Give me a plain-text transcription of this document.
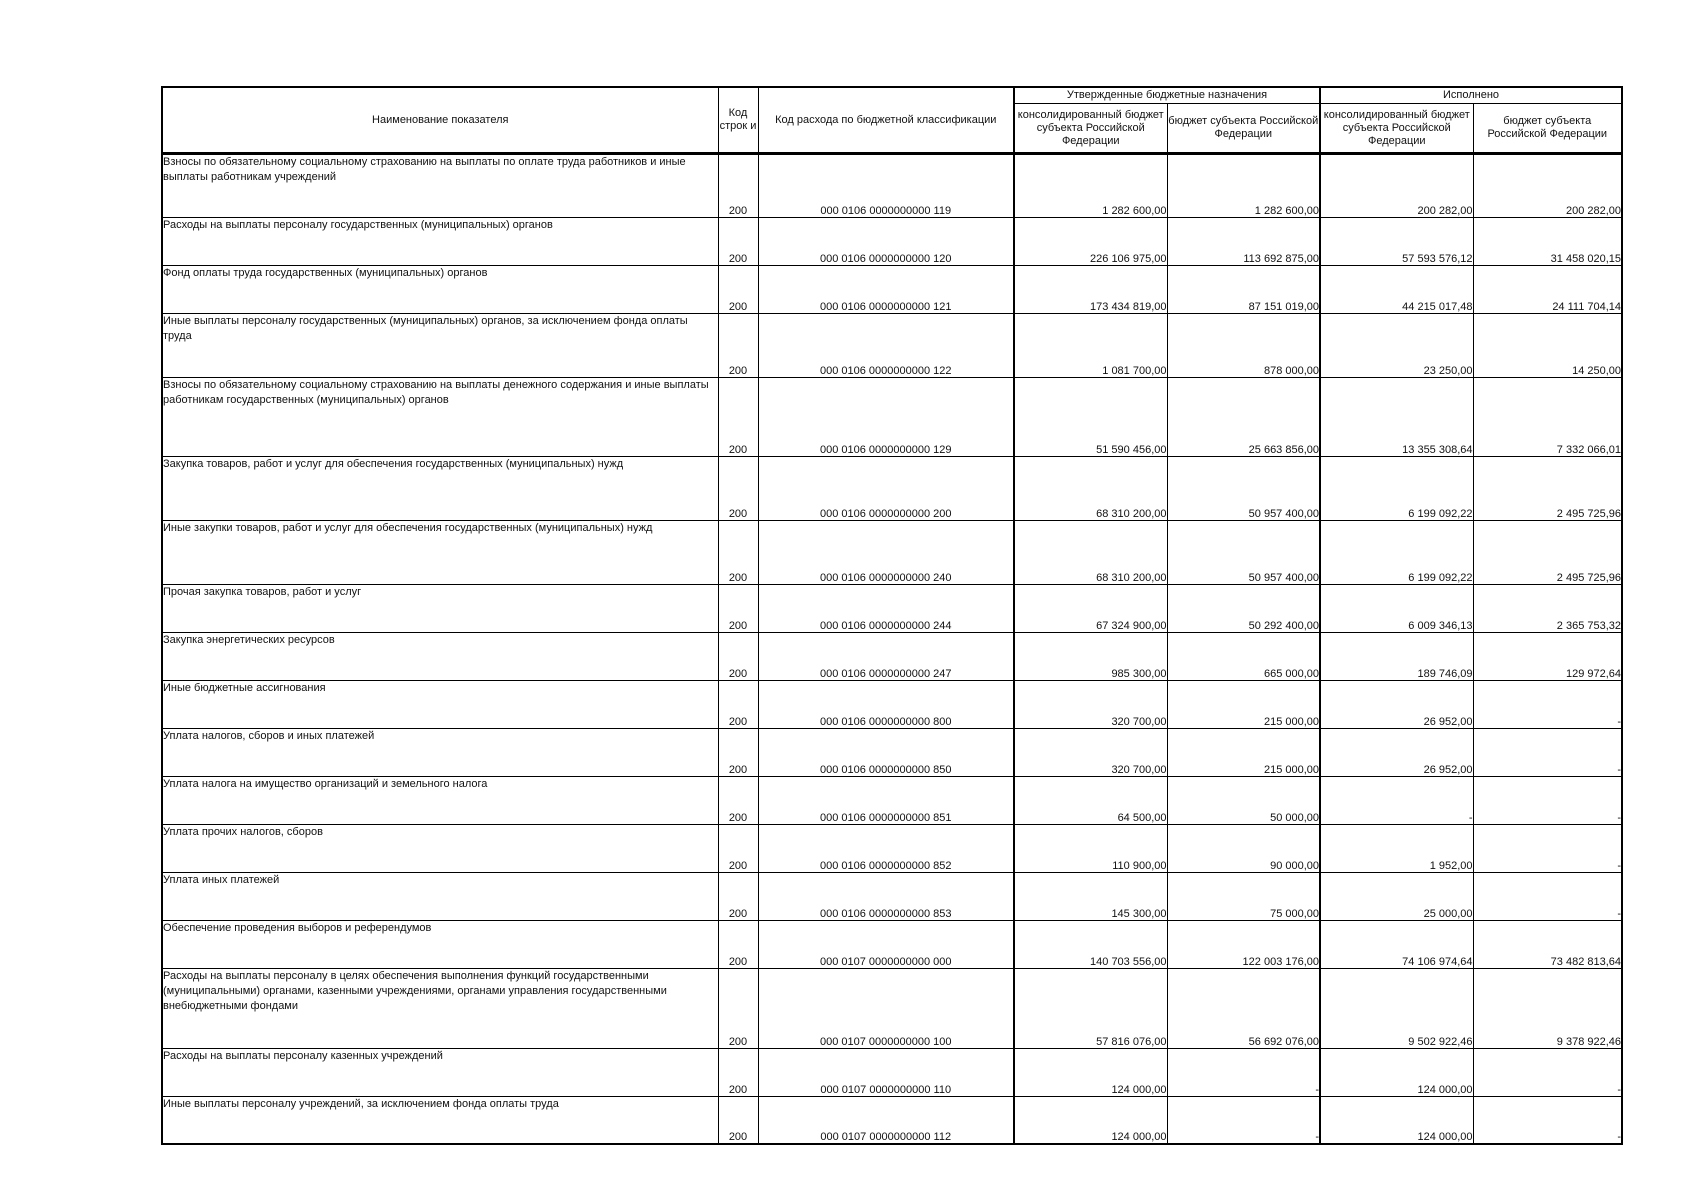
Наименование показателя	Код строк и	Код расхода по бюджетной классификации	Утвержденные бюджетные назначения		Исполнено	
			консолидированный бюджет субъекта Российской Федерации	бюджет субъекта Российской Федерации	консолидированный бюджет субъекта Российской Федерации	бюджет субъекта Российской Федерации
Взносы по обязательному социальному страхованию на выплаты по оплате труда работников и иные выплаты работникам учреждений	200	000 0106 0000000000 119	1 282 600,00	1 282 600,00	200 282,00	200 282,00
Расходы на выплаты персоналу государственных (муниципальных) органов	200	000 0106 0000000000 120	226 106 975,00	113 692 875,00	57 593 576,12	31 458 020,15
Фонд оплаты труда государственных (муниципальных) органов	200	000 0106 0000000000 121	173 434 819,00	87 151 019,00	44 215 017,48	24 111 704,14
Иные выплаты персоналу государственных (муниципальных) органов, за исключением фонда оплаты труда	200	000 0106 0000000000 122	1 081 700,00	878 000,00	23 250,00	14 250,00
Взносы по обязательному социальному страхованию на выплаты денежного содержания и иные выплаты работникам государственных (муниципальных) органов	200	000 0106 0000000000 129	51 590 456,00	25 663 856,00	13 355 308,64	7 332 066,01
Закупка товаров, работ и услуг для обеспечения государственных (муниципальных) нужд	200	000 0106 0000000000 200	68 310 200,00	50 957 400,00	6 199 092,22	2 495 725,96
Иные закупки товаров, работ и услуг для обеспечения государственных (муниципальных) нужд	200	000 0106 0000000000 240	68 310 200,00	50 957 400,00	6 199 092,22	2 495 725,96
Прочая закупка товаров, работ и услуг	200	000 0106 0000000000 244	67 324 900,00	50 292 400,00	6 009 346,13	2 365 753,32
Закупка энергетических ресурсов	200	000 0106 0000000000 247	985 300,00	665 000,00	189 746,09	129 972,64
Иные бюджетные ассигнования	200	000 0106 0000000000 800	320 700,00	215 000,00	26 952,00	-
Уплата налогов, сборов и иных платежей	200	000 0106 0000000000 850	320 700,00	215 000,00	26 952,00	-
Уплата налога на имущество организаций и земельного налога	200	000 0106 0000000000 851	64 500,00	50 000,00	-	-
Уплата прочих налогов, сборов	200	000 0106 0000000000 852	110 900,00	90 000,00	1 952,00	-
Уплата иных платежей	200	000 0106 0000000000 853	145 300,00	75 000,00	25 000,00	-
Обеспечение проведения выборов и референдумов	200	000 0107 0000000000 000	140 703 556,00	122 003 176,00	74 106 974,64	73 482 813,64
Расходы на выплаты персоналу в целях обеспечения выполнения функций государственными (муниципальными) органами, казенными учреждениями, органами управления государственными внебюджетными фондами	200	000 0107 0000000000 100	57 816 076,00	56 692 076,00	9 502 922,46	9 378 922,46
Расходы на выплаты персоналу казенных учреждений	200	000 0107 0000000000 110	124 000,00	-	124 000,00	-
Иные выплаты персоналу учреждений, за исключением фонда оплаты труда	200	000 0107 0000000000 112	124 000,00	-	124 000,00	-
